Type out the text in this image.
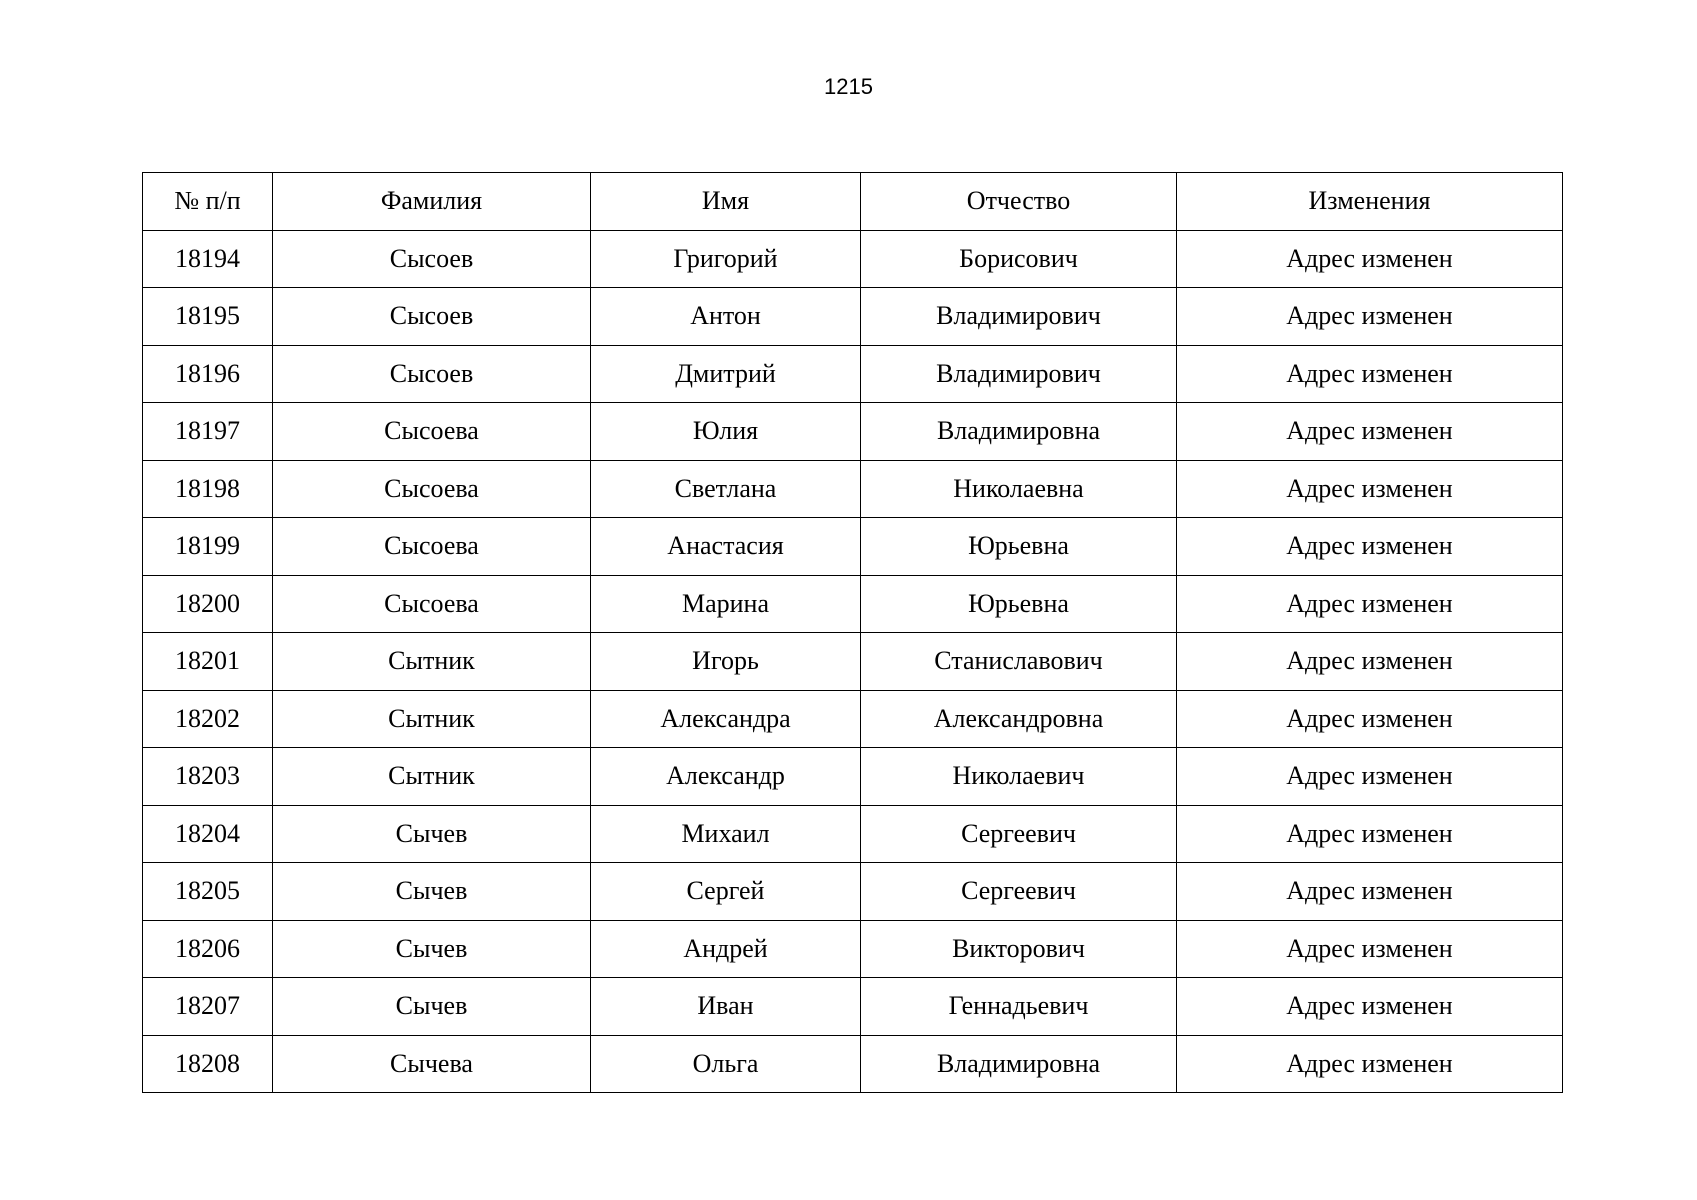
1215
№ п/п	Фамилия	Имя	Отчество	Изменения
18194	Сысоев	Григорий	Борисович	Адрес изменен
18195	Сысоев	Антон	Владимирович	Адрес изменен
18196	Сысоев	Дмитрий	Владимирович	Адрес изменен
18197	Сысоева	Юлия	Владимировна	Адрес изменен
18198	Сысоева	Светлана	Николаевна	Адрес изменен
18199	Сысоева	Анастасия	Юрьевна	Адрес изменен
18200	Сысоева	Марина	Юрьевна	Адрес изменен
18201	Сытник	Игорь	Станиславович	Адрес изменен
18202	Сытник	Александра	Александровна	Адрес изменен
18203	Сытник	Александр	Николаевич	Адрес изменен
18204	Сычев	Михаил	Сергеевич	Адрес изменен
18205	Сычев	Сергей	Сергеевич	Адрес изменен
18206	Сычев	Андрей	Викторович	Адрес изменен
18207	Сычев	Иван	Геннадьевич	Адрес изменен
18208	Сычева	Ольга	Владимировна	Адрес изменен
